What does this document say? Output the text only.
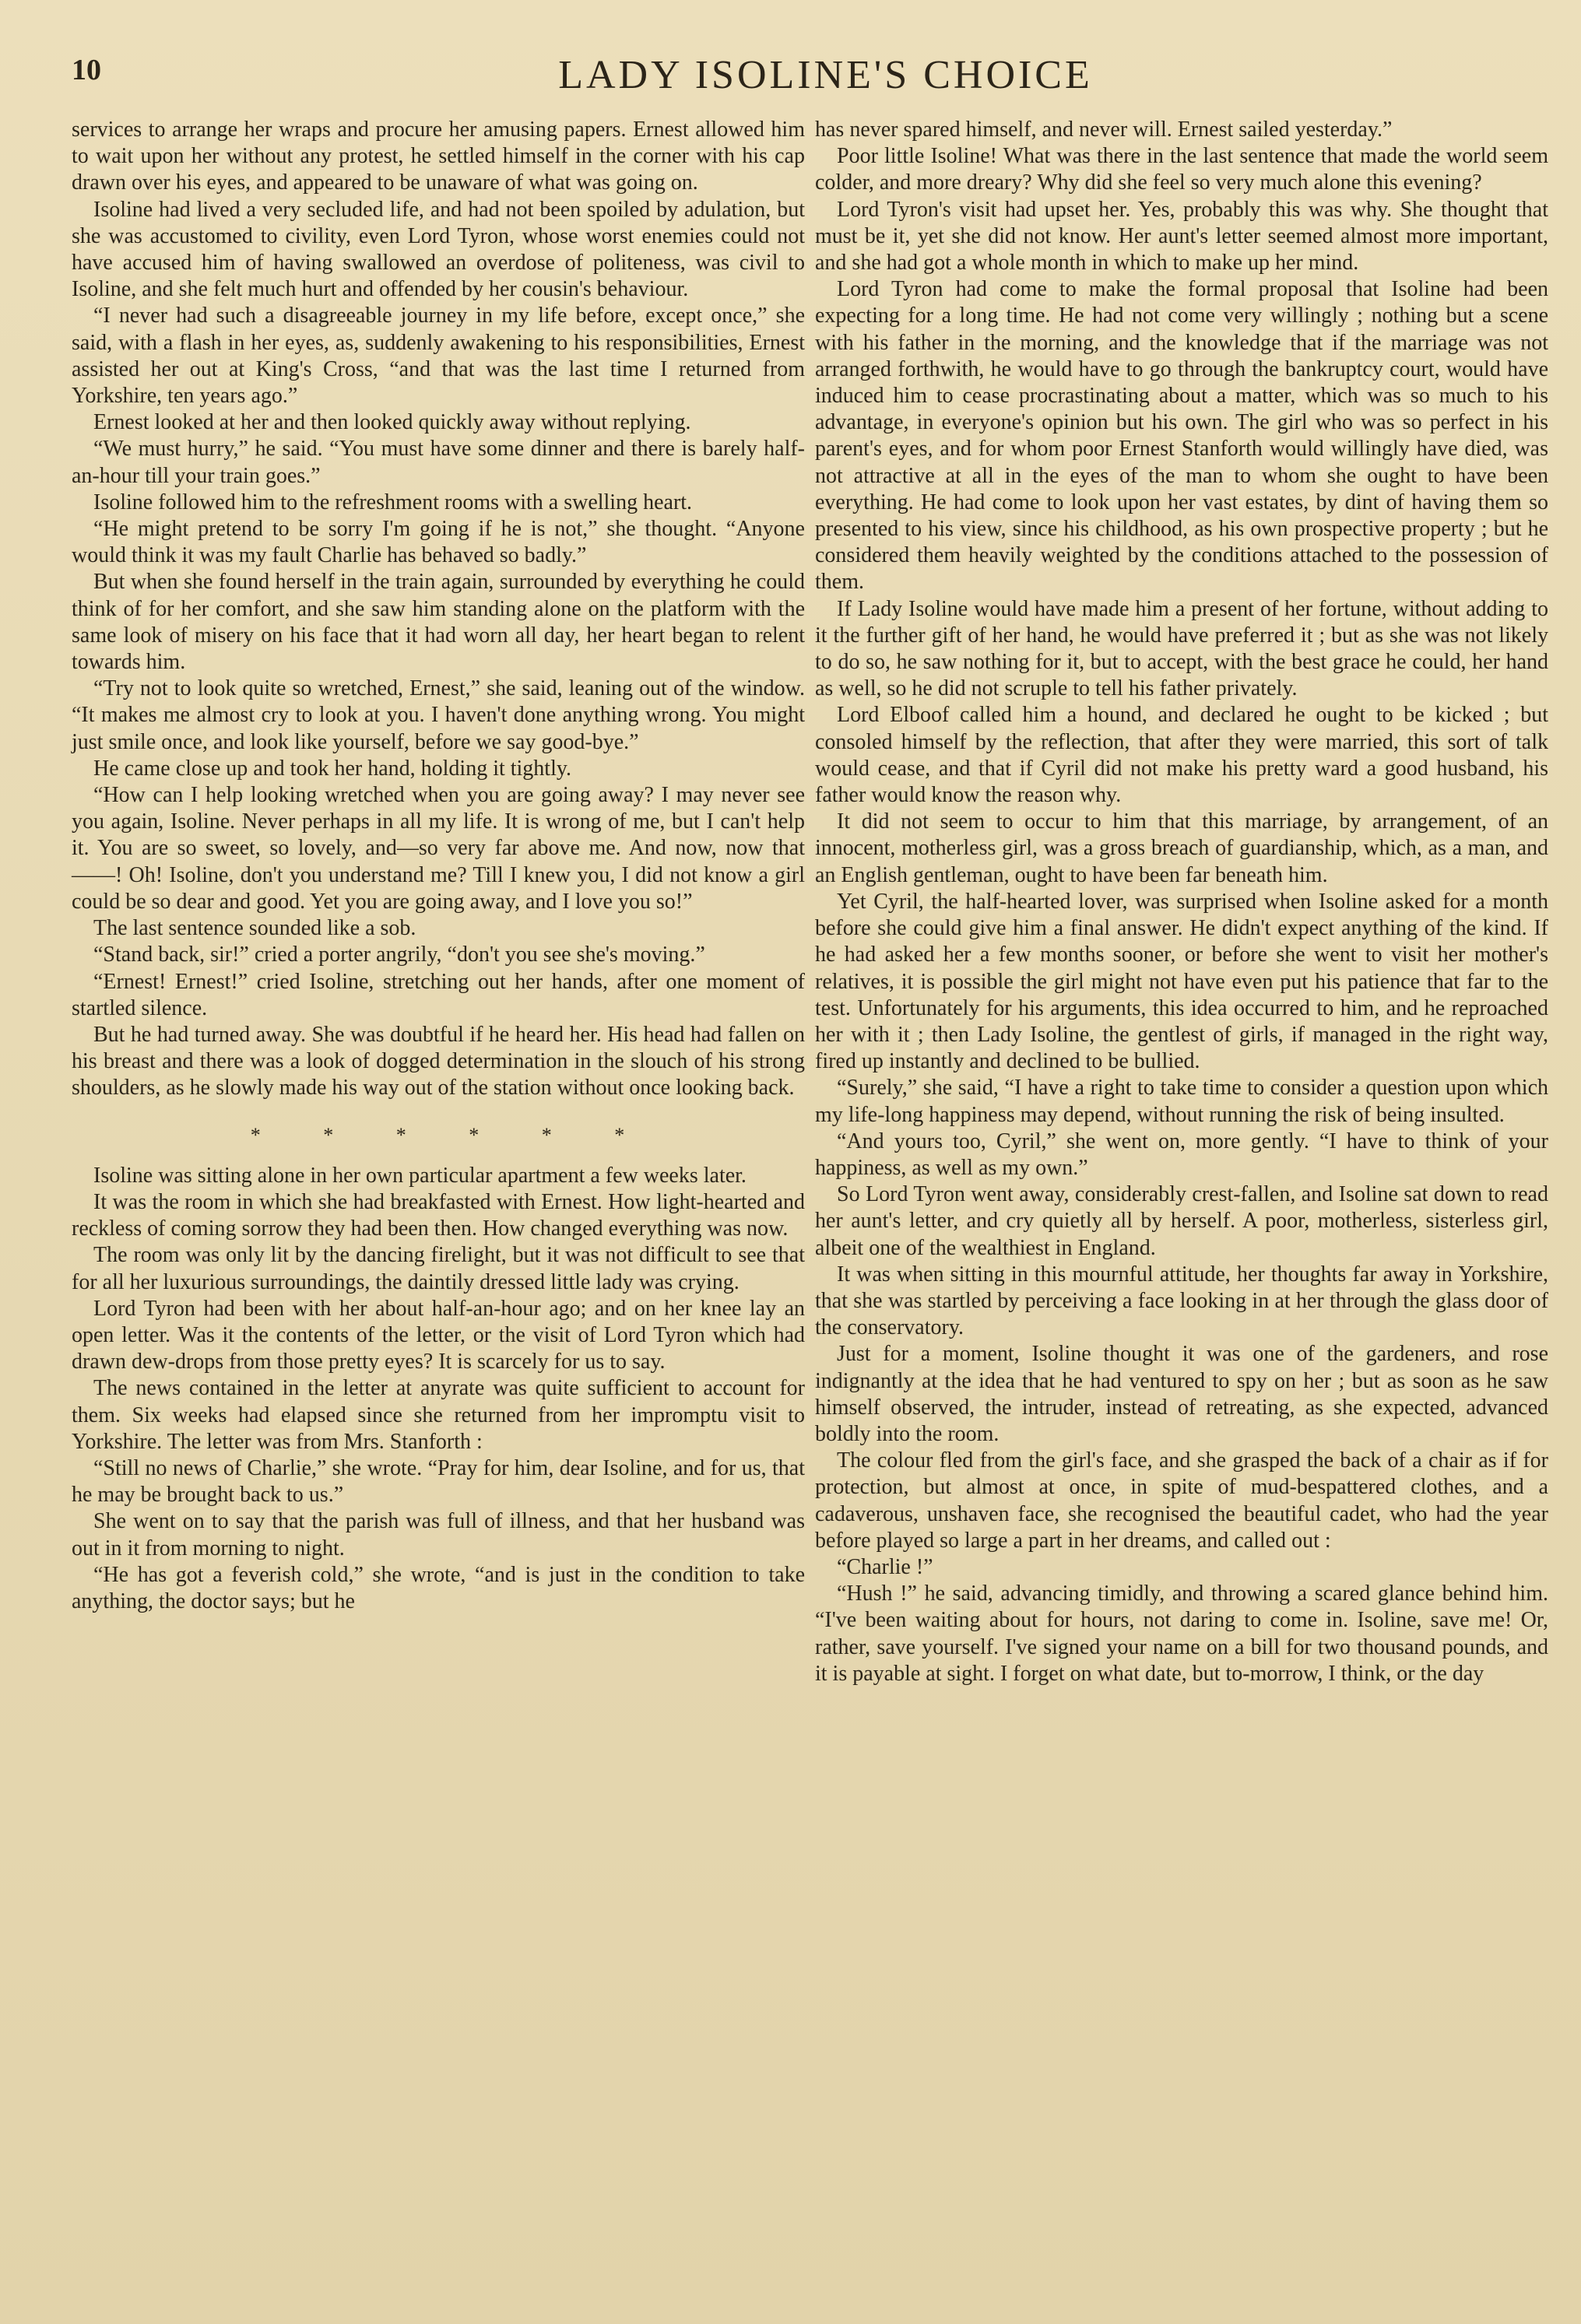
10	LADY ISOLINE'S CHOICE

services to arrange her wraps and procure her amusing papers. Ernest allowed him to wait upon her without any protest, he settled himself in the corner with his cap drawn over his eyes, and appeared to be unaware of what was going on.

Isoline had lived a very secluded life, and had not been spoiled by adulation, but she was accustomed to civility, even Lord Tyron, whose worst enemies could not have accused him of having swallowed an overdose of politeness, was civil to Isoline, and she felt much hurt and offended by her cousin's behaviour.

“I never had such a disagreeable journey in my life before, except once,” she said, with a flash in her eyes, as, suddenly awakening to his responsibilities, Ernest assisted her out at King's Cross, “and that was the last time I returned from Yorkshire, ten years ago.”

Ernest looked at her and then looked quickly away without replying.

“We must hurry,” he said. “You must have some dinner and there is barely half-an-hour till your train goes.”

Isoline followed him to the refreshment rooms with a swelling heart.

“He might pretend to be sorry I'm going if he is not,” she thought. “Anyone would think it was my fault Charlie has behaved so badly.”

But when she found herself in the train again, surrounded by everything he could think of for her comfort, and she saw him standing alone on the platform with the same look of misery on his face that it had worn all day, her heart began to relent towards him.

“Try not to look quite so wretched, Ernest,” she said, leaning out of the window. “It makes me almost cry to look at you. I haven't done anything wrong. You might just smile once, and look like yourself, before we say good-bye.”

He came close up and took her hand, holding it tightly.

“How can I help looking wretched when you are going away? I may never see you again, Isoline. Never perhaps in all my life. It is wrong of me, but I can't help it. You are so sweet, so lovely, and—so very far above me. And now, now that ——! Oh! Isoline, don't you understand me? Till I knew you, I did not know a girl could be so dear and good. Yet you are going away, and I love you so!”

The last sentence sounded like a sob.

“Stand back, sir!” cried a porter angrily, “don't you see she's moving.”

“Ernest! Ernest!” cried Isoline, stretching out her hands, after one moment of startled silence.

But he had turned away. She was doubtful if he heard her. His head had fallen on his breast and there was a look of dogged determination in the slouch of his strong shoulders, as he slowly made his way out of the station without once looking back.

* * * * * *

Isoline was sitting alone in her own particular apartment a few weeks later.

It was the room in which she had breakfasted with Ernest. How light-hearted and reckless of coming sorrow they had been then. How changed everything was now.

The room was only lit by the dancing firelight, but it was not difficult to see that for all her luxurious surroundings, the daintily dressed little lady was crying.

Lord Tyron had been with her about half-an-hour ago; and on her knee lay an open letter. Was it the contents of the letter, or the visit of Lord Tyron which had drawn dew-drops from those pretty eyes? It is scarcely for us to say.

The news contained in the letter at anyrate was quite sufficient to account for them. Six weeks had elapsed since she returned from her impromptu visit to Yorkshire. The letter was from Mrs. Stanforth :

“Still no news of Charlie,” she wrote. “Pray for him, dear Isoline, and for us, that he may be brought back to us.”

She went on to say that the parish was full of illness, and that her husband was out in it from morning to night.

“He has got a feverish cold,” she wrote, “and is just in the condition to take anything, the doctor says; but he

has never spared himself, and never will. Ernest sailed yesterday.”

Poor little Isoline! What was there in the last sentence that made the world seem colder, and more dreary? Why did she feel so very much alone this evening?

Lord Tyron's visit had upset her. Yes, probably this was why. She thought that must be it, yet she did not know. Her aunt's letter seemed almost more important, and she had got a whole month in which to make up her mind.

Lord Tyron had come to make the formal proposal that Isoline had been expecting for a long time. He had not come very willingly ; nothing but a scene with his father in the morning, and the knowledge that if the marriage was not arranged forthwith, he would have to go through the bankruptcy court, would have induced him to cease procrastinating about a matter, which was so much to his advantage, in everyone's opinion but his own. The girl who was so perfect in his parent's eyes, and for whom poor Ernest Stanforth would willingly have died, was not attractive at all in the eyes of the man to whom she ought to have been everything. He had come to look upon her vast estates, by dint of having them so presented to his view, since his childhood, as his own prospective property ; but he considered them heavily weighted by the conditions attached to the possession of them.

If Lady Isoline would have made him a present of her fortune, without adding to it the further gift of her hand, he would have preferred it ; but as she was not likely to do so, he saw nothing for it, but to accept, with the best grace he could, her hand as well, so he did not scruple to tell his father privately.

Lord Elboof called him a hound, and declared he ought to be kicked ; but consoled himself by the reflection, that after they were married, this sort of talk would cease, and that if Cyril did not make his pretty ward a good husband, his father would know the reason why.

It did not seem to occur to him that this marriage, by arrangement, of an innocent, motherless girl, was a gross breach of guardianship, which, as a man, and an English gentleman, ought to have been far beneath him.

Yet Cyril, the half-hearted lover, was surprised when Isoline asked for a month before she could give him a final answer. He didn't expect anything of the kind. If he had asked her a few months sooner, or before she went to visit her mother's relatives, it is possible the girl might not have even put his patience that far to the test. Unfortunately for his arguments, this idea occurred to him, and he reproached her with it ; then Lady Isoline, the gentlest of girls, if managed in the right way, fired up instantly and declined to be bullied.

“Surely,” she said, “I have a right to take time to consider a question upon which my life-long happiness may depend, without running the risk of being insulted.

“And yours too, Cyril,” she went on, more gently. “I have to think of your happiness, as well as my own.”

So Lord Tyron went away, considerably crest-fallen, and Isoline sat down to read her aunt's letter, and cry quietly all by herself. A poor, motherless, sisterless girl, albeit one of the wealthiest in England.

It was when sitting in this mournful attitude, her thoughts far away in Yorkshire, that she was startled by perceiving a face looking in at her through the glass door of the conservatory.

Just for a moment, Isoline thought it was one of the gardeners, and rose indignantly at the idea that he had ventured to spy on her ; but as soon as he saw himself observed, the intruder, instead of retreating, as she expected, advanced boldly into the room.

The colour fled from the girl's face, and she grasped the back of a chair as if for protection, but almost at once, in spite of mud-bespattered clothes, and a cadaverous, unshaven face, she recognised the beautiful cadet, who had the year before played so large a part in her dreams, and called out :

“Charlie !”

“Hush !” he said, advancing timidly, and throwing a scared glance behind him. “I've been waiting about for hours, not daring to come in. Isoline, save me! Or, rather, save yourself. I've signed your name on a bill for two thousand pounds, and it is payable at sight. I forget on what date, but to-morrow, I think, or the day
